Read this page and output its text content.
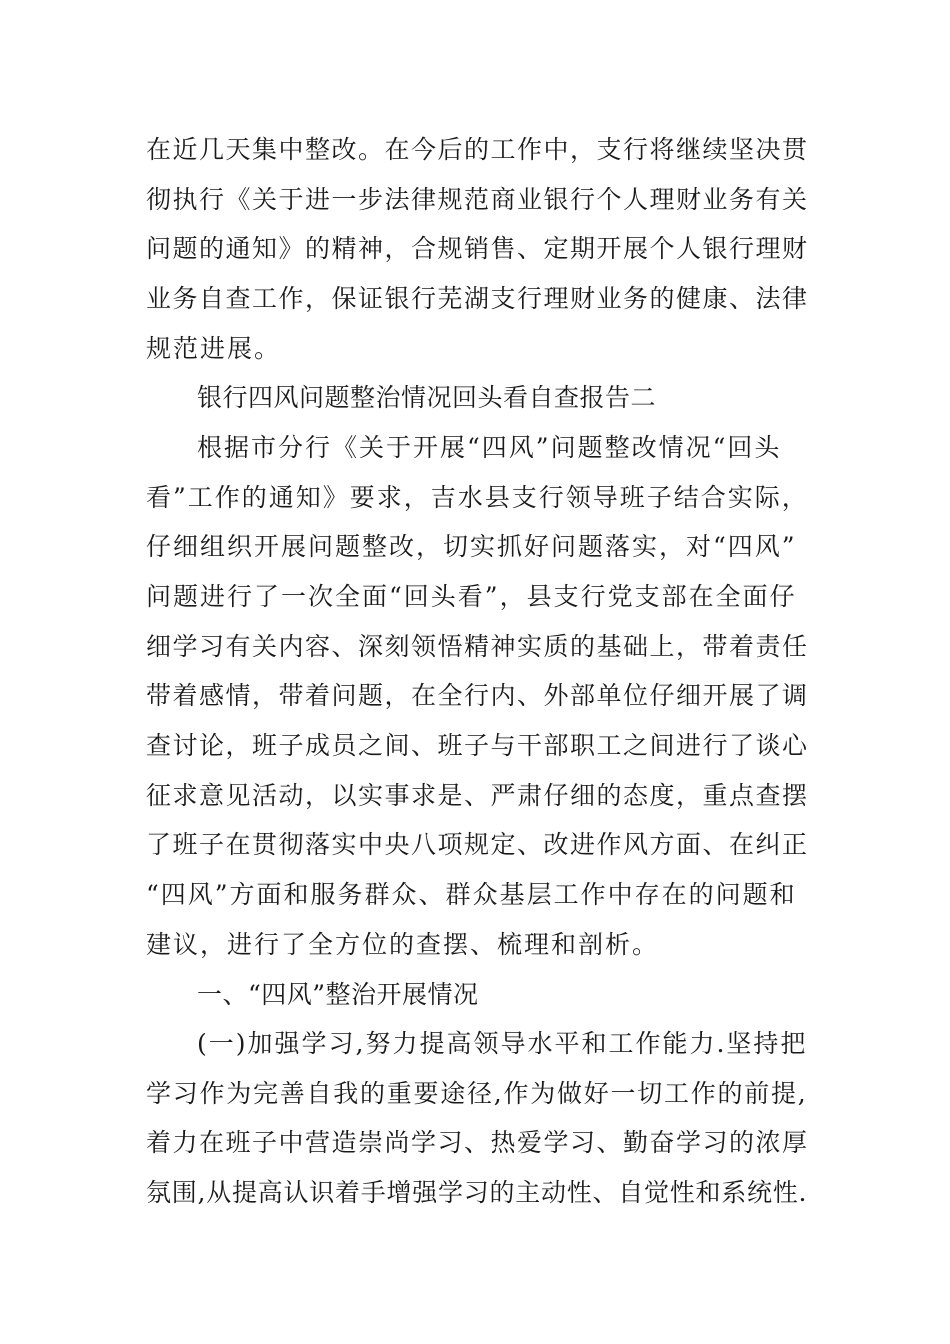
在近几天集中整改。在今后的工作中，支行将继续坚决贯
彻执行《关于进一步法律规范商业银行个人理财业务有关
问题的通知》的精神，合规销售、定期开展个人银行理财
业务自查工作，保证银行芜湖支行理财业务的健康、法律
规范进展。
银行四风问题整治情况回头看自查报告二
根据市分行《关于开展“四风”问题整改情况“回头
看”工作的通知》要求，吉水县支行领导班子结合实际，
仔细组织开展问题整改，切实抓好问题落实，对“四风”
问题进行了一次全面“回头看”，县支行党支部在全面仔
细学习有关内容、深刻领悟精神实质的基础上，带着责任
带着感情，带着问题，在全行内、外部单位仔细开展了调
查讨论，班子成员之间、班子与干部职工之间进行了谈心
征求意见活动，以实事求是、严肃仔细的态度，重点查摆
了班子在贯彻落实中央八项规定、改进作风方面、在纠正
“四风”方面和服务群众、群众基层工作中存在的问题和
建议，进行了全方位的查摆、梳理和剖析。
一、“四风”整治开展情况
(一)加强学习,努力提高领导水平和工作能力.坚持把
学习作为完善自我的重要途径,作为做好一切工作的前提,
着力在班子中营造崇尚学习、热爱学习、勤奋学习的浓厚
氛围,从提高认识着手增强学习的主动性、自觉性和系统性.
